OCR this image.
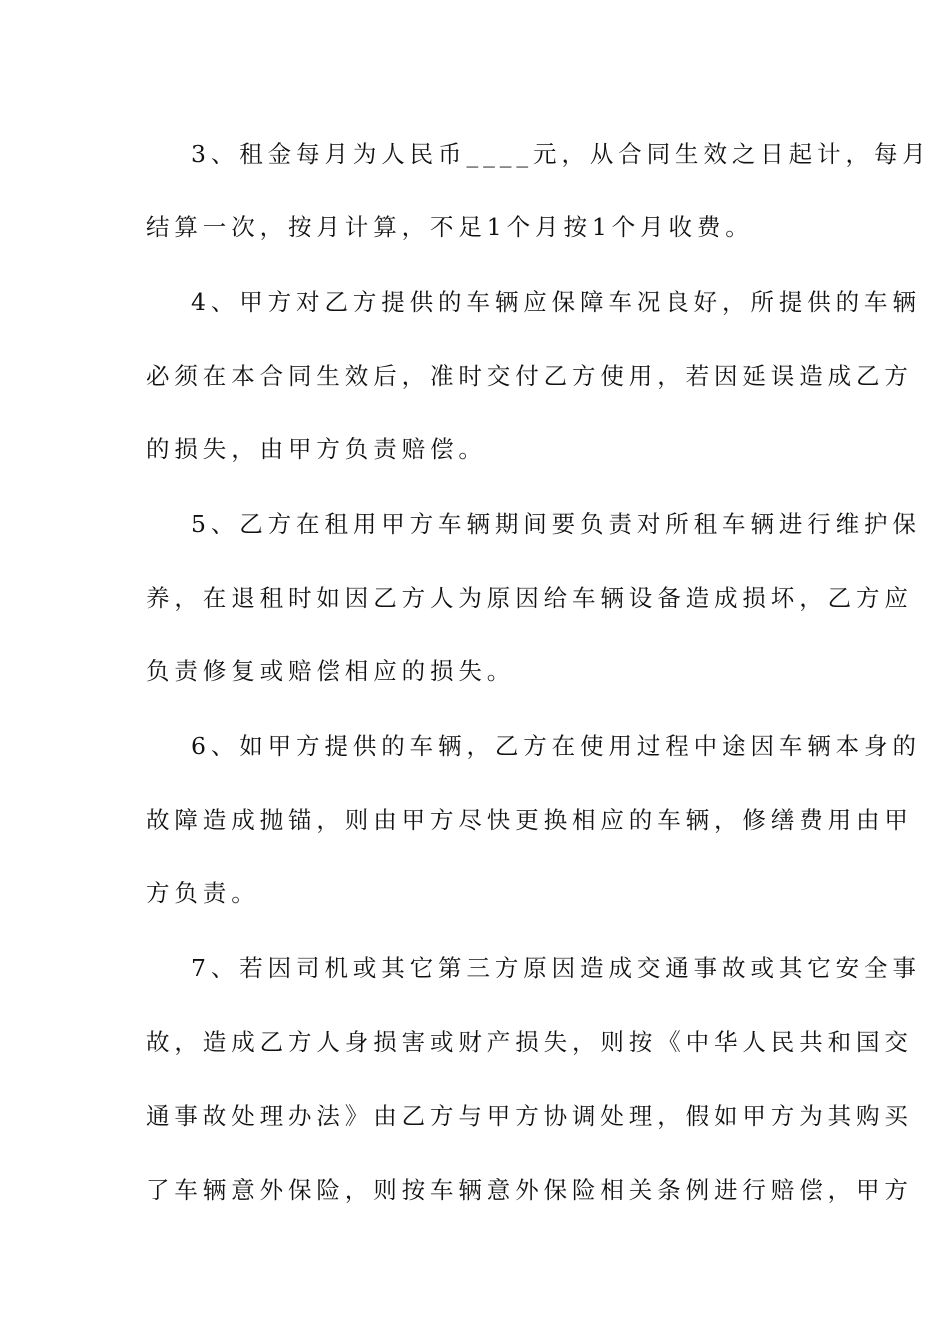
3、租金每月为人民币____元，从合同生效之日起计，每月
结算一次，按月计算，不足1个月按1个月收费。
4、甲方对乙方提供的车辆应保障车况良好，所提供的车辆
必须在本合同生效后，准时交付乙方使用，若因延误造成乙方
的损失，由甲方负责赔偿。
5、乙方在租用甲方车辆期间要负责对所租车辆进行维护保
养，在退租时如因乙方人为原因给车辆设备造成损坏，乙方应
负责修复或赔偿相应的损失。
6、如甲方提供的车辆，乙方在使用过程中途因车辆本身的
故障造成抛锚，则由甲方尽快更换相应的车辆，修缮费用由甲
方负责。
7、若因司机或其它第三方原因造成交通事故或其它安全事
故，造成乙方人身损害或财产损失，则按《中华人民共和国交
通事故处理办法》由乙方与甲方协调处理，假如甲方为其购买
了车辆意外保险，则按车辆意外保险相关条例进行赔偿，甲方
